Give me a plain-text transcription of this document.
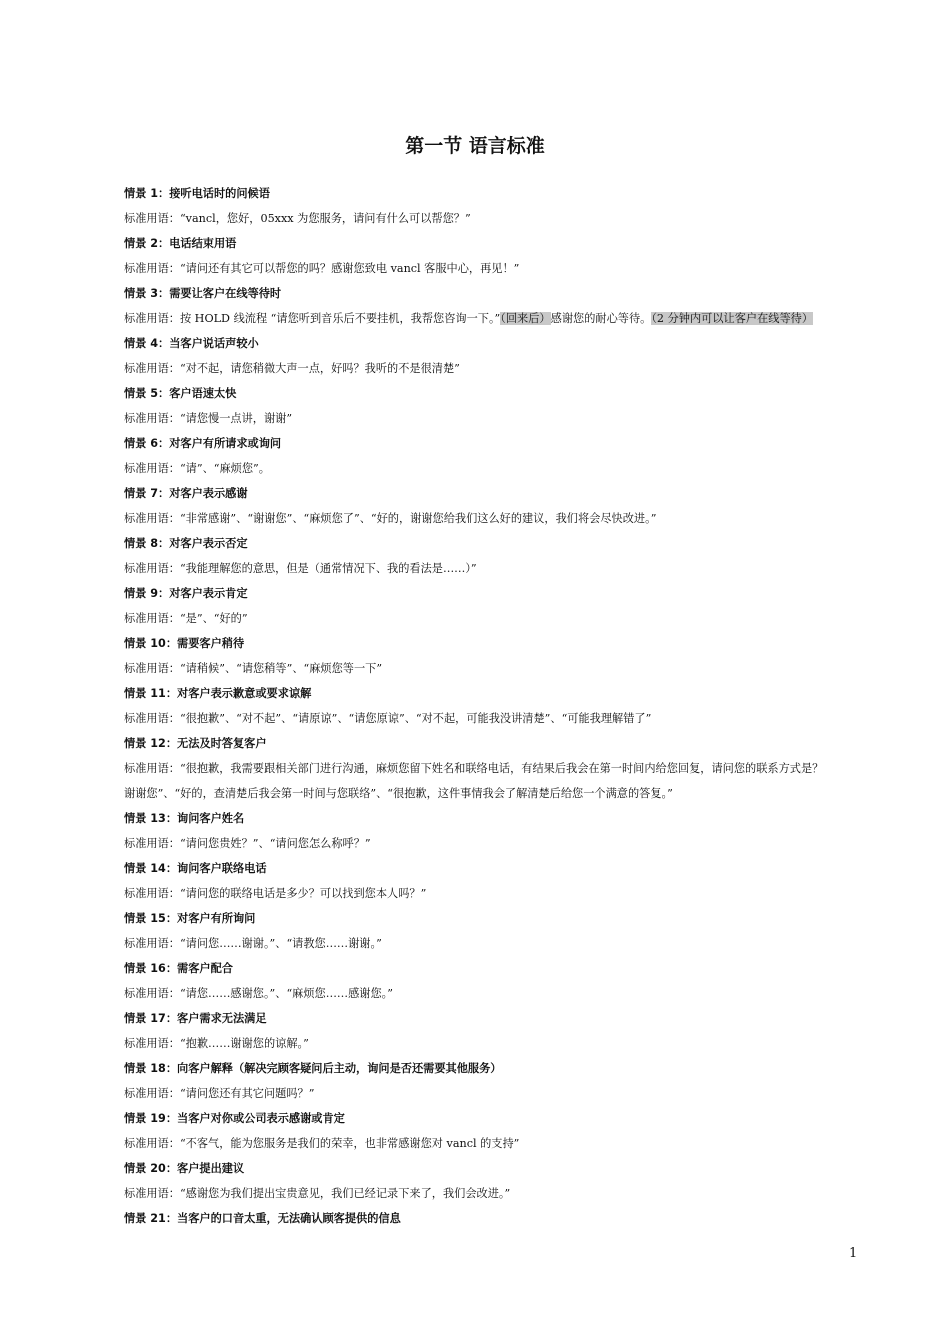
第一节 语言标准
情景 1：接听电话时的问候语
标准用语：“vancl，您好，05xxx 为您服务，请问有什么可以帮您？”
情景 2：电话结束用语
标准用语：“请问还有其它可以帮您的吗？感谢您致电 vancl 客服中心，再见！”
情景 3：需要让客户在线等待时
标准用语：按 HOLD 线流程 “请您听到音乐后不要挂机，我帮您咨询一下。”（回来后）感谢您的耐心等待。（2 分钟内可以让客户在线等待）
情景 4：当客户说话声较小
标准用语：“对不起，请您稍微大声一点，好吗？我听的不是很清楚”
情景 5：客户语速太快
标准用语：“请您慢一点讲，谢谢”
情景 6：对客户有所请求或询问
标准用语：“请”、“麻烦您”。
情景 7：对客户表示感谢
标准用语：“非常感谢”、“谢谢您”、“麻烦您了”、“好的，谢谢您给我们这么好的建议，我们将会尽快改进。”
情景 8：对客户表示否定
标准用语：“我能理解您的意思，但是（通常情况下、我的看法是……）”
情景 9：对客户表示肯定
标准用语：“是”、“好的”
情景 10：需要客户稍待
标准用语：“请稍候”、“请您稍等”、“麻烦您等一下”
情景 11：对客户表示歉意或要求谅解
标准用语：“很抱歉”、“对不起”、“请原谅”、“请您原谅”、“对不起，可能我没讲清楚”、“可能我理解错了”
情景 12：无法及时答复客户
标准用语：“很抱歉，我需要跟相关部门进行沟通，麻烦您留下姓名和联络电话，有结果后我会在第一时间内给您回复，请问您的联系方式是？
谢谢您”、“好的，查清楚后我会第一时间与您联络”、“很抱歉，这件事情我会了解清楚后给您一个满意的答复。”
情景 13：询问客户姓名
标准用语：“请问您贵姓？”、“请问您怎么称呼？”
情景 14：询问客户联络电话
标准用语：“请问您的联络电话是多少？可以找到您本人吗？”
情景 15：对客户有所询问
标准用语：“请问您……谢谢。”、“请教您……谢谢。”
情景 16：需客户配合
标准用语：“请您……感谢您。”、“麻烦您……感谢您。”
情景 17：客户需求无法满足
标准用语：“抱歉……谢谢您的谅解。”
情景 18：向客户解释（解决完顾客疑问后主动，询问是否还需要其他服务）
标准用语：“请问您还有其它问题吗？”
情景 19：当客户对你或公司表示感谢或肯定
标准用语：“不客气，能为您服务是我们的荣幸，也非常感谢您对 vancl 的支持”
情景 20：客户提出建议
标准用语：“感谢您为我们提出宝贵意见，我们已经记录下来了，我们会改进。”
情景 21：当客户的口音太重，无法确认顾客提供的信息
1
